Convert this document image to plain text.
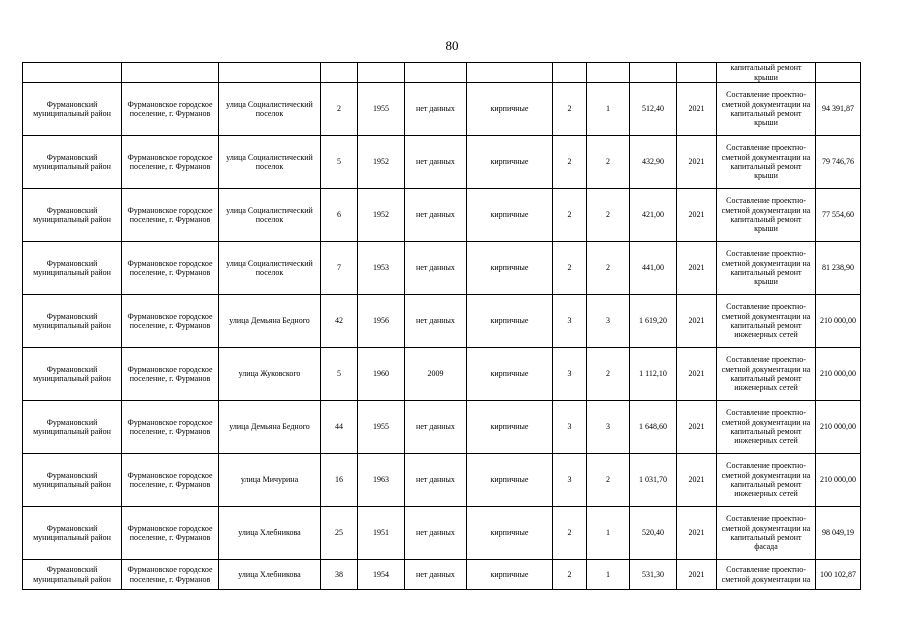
80
											капитальный ремонт крыши	
Фурмановский муниципальный район	Фурмановское городское поселение, г. Фурманов	улица Социалистический поселок	2	1955	нет данных	кирпичные	2	1	512,40	2021	Составление проектно-сметной документации на капитальный ремонт крыши	94 391,87
Фурмановский муниципальный район	Фурмановское городское поселение, г. Фурманов	улица Социалистический поселок	5	1952	нет данных	кирпичные	2	2	432,90	2021	Составление проектно-сметной документации на капитальный ремонт крыши	79 746,76
Фурмановский муниципальный район	Фурмановское городское поселение, г. Фурманов	улица Социалистический поселок	6	1952	нет данных	кирпичные	2	2	421,00	2021	Составление проектно-сметной документации на капитальный ремонт крыши	77 554,60
Фурмановский муниципальный район	Фурмановское городское поселение, г. Фурманов	улица Социалистический поселок	7	1953	нет данных	кирпичные	2	2	441,00	2021	Составление проектно-сметной документации на капитальный ремонт крыши	81 238,90
Фурмановский муниципальный район	Фурмановское городское поселение, г. Фурманов	улица Демьяна Бедного	42	1956	нет данных	кирпичные	3	3	1 619,20	2021	Составление проектно-сметной документации на капитальный ремонт инженерных сетей	210 000,00
Фурмановский муниципальный район	Фурмановское городское поселение, г. Фурманов	улица Жуковского	5	1960	2009	кирпичные	3	2	1 112,10	2021	Составление проектно-сметной документации на капитальный ремонт инженерных сетей	210 000,00
Фурмановский муниципальный район	Фурмановское городское поселение, г. Фурманов	улица Демьяна Бедного	44	1955	нет данных	кирпичные	3	3	1 648,60	2021	Составление проектно-сметной документации на капитальный ремонт инженерных сетей	210 000,00
Фурмановский муниципальный район	Фурмановское городское поселение, г. Фурманов	улица Мичурина	16	1963	нет данных	кирпичные	3	2	1 031,70	2021	Составление проектно-сметной документации на капитальный ремонт инженерных сетей	210 000,00
Фурмановский муниципальный район	Фурмановское городское поселение, г. Фурманов	улица Хлебникова	25	1951	нет данных	кирпичные	2	1	520,40	2021	Составление проектно-сметной документации на капитальный ремонт фасада	98 049,19
Фурмановский муниципальный район	Фурмановское городское поселение, г. Фурманов	улица Хлебникова	38	1954	нет данных	кирпичные	2	1	531,30	2021	Составление проектно-сметной документации на	100 102,87
